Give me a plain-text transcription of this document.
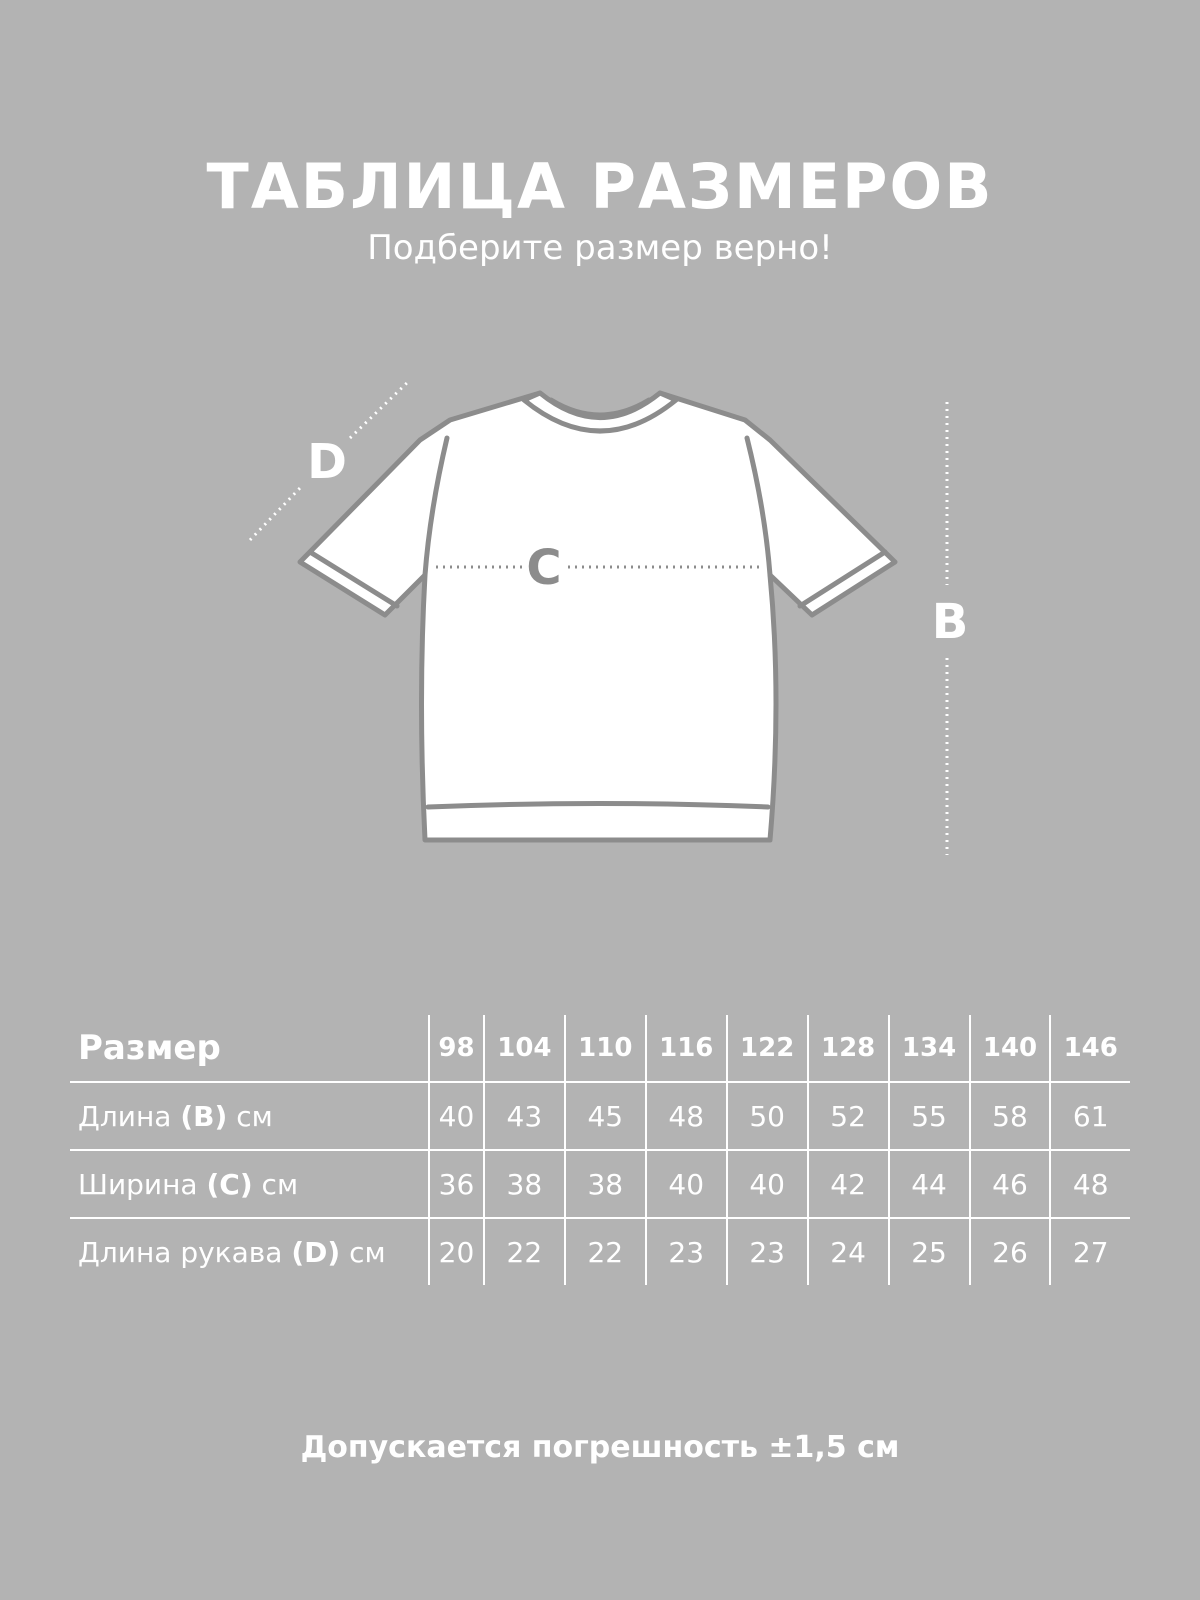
ТАБЛИЦА РАЗМЕРОВ

Подберите размер верно!

D
C
B
Размер	98	104	110	116	122	128	134	140	146
Длина (B) см	40	43	45	48	50	52	55	58	61
Ширина (C) см	36	38	38	40	40	42	44	46	48
Длина рукава (D) см	20	22	22	23	23	24	25	26	27

Допускается погрешность ±1,5 см
